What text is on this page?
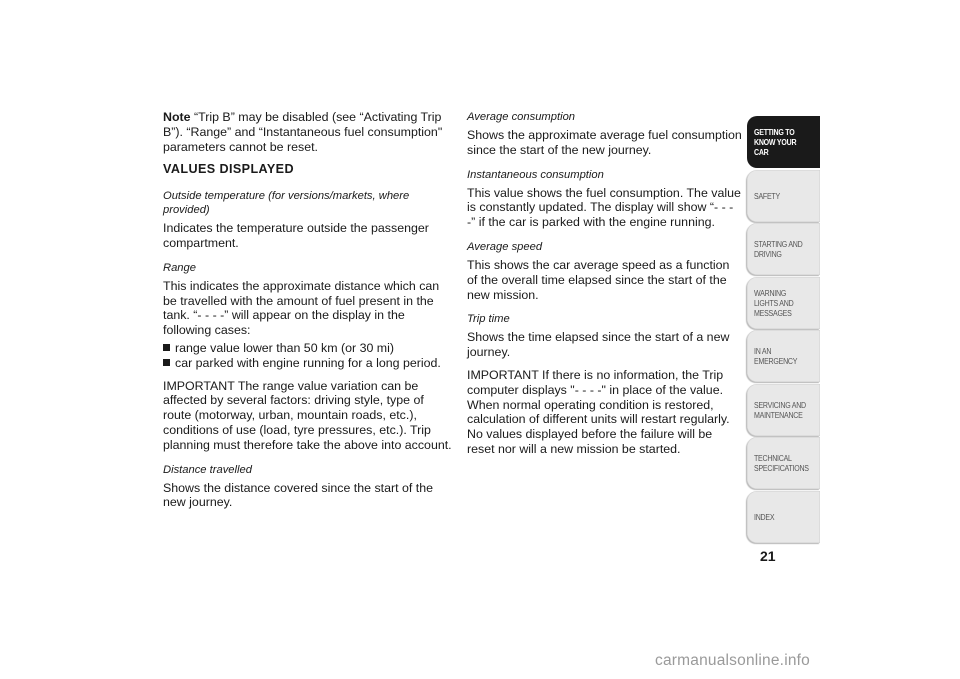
Note “Trip B” may be disabled (see “Activating Trip B”). “Range” and “Instantaneous fuel consumption" parameters cannot be reset.

VALUES DISPLAYED
Outside temperature (for versions/markets, where provided)

Indicates the temperature outside the passenger compartment.

Range

This indicates the approximate distance which can be travelled with the amount of fuel present in the tank. “- - - -” will appear on the display in the following cases:

range value lower than 50 km (or 30 mi)
car parked with engine running for a long period.

IMPORTANT The range value variation can be affected by several factors: driving style, type of route (motorway, urban, mountain roads, etc.), conditions of use (load, tyre pressures, etc.). Trip planning must therefore take the above into account.

Distance travelled

Shows the distance covered since the start of the new journey.

Average consumption

Shows the approximate average fuel consumption since the start of the new journey.

Instantaneous consumption

This value shows the fuel consumption. The value is constantly updated. The display will show “- - - -” if the car is parked with the engine running.

Average speed

This shows the car average speed as a function of the overall time elapsed since the start of the new mission.

Trip time

Shows the time elapsed since the start of a new journey.

IMPORTANT If there is no information, the Trip computer displays "- - - -" in place of the value. When normal operating condition is restored, calculation of different units will restart regularly. No values displayed before the failure will be reset nor will a new mission be started.

GETTING TO KNOW YOUR CAR
SAFETY
STARTING AND DRIVING
WARNING LIGHTS AND MESSAGES
IN AN EMERGENCY
SERVICING AND MAINTENANCE
TECHNICAL SPECIFICATIONS
INDEX
21
carmanualsonline.info
